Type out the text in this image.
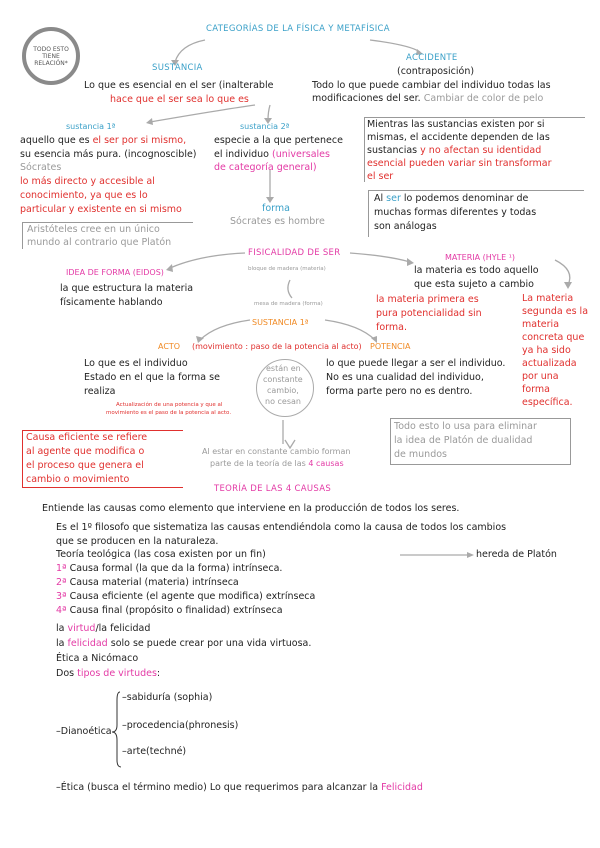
TODO ESTO TIENE RELACIÓN*
CATEGORÍAS DE LA FÍSICA Y METAFÍSICA
SUSTANCIA
Lo que es esencial en el ser (inalterable
hace que el ser sea lo que es
ACCIDENTE
(contraposición)
Todo lo que puede cambiar del individuo todas las
modificaciones del ser. Cambiar de color de pelo
sustancia 1ª
aquello que es el ser por si mismo,
su esencia más pura. (incognoscible)
Sócrates
lo más directo y accesible al
conocimiento, ya que es lo
particular y existente en si mismo
sustancia 2ª
especie a la que pertenece
el individuo (universales
de categoría general)
forma
Sócrates es hombre
Mientras las sustancias existen por si
mismas, el accidente dependen de las
sustancias y no afectan su identidad
esencial pueden variar sin transformar
el ser
Al ser lo podemos denominar de
muchas formas diferentes y todas
son análogas
Aristóteles cree en un único
mundo al contrario que Platón
FISICALIDAD DE SER
bloque de madera (materia)
mesa de madera (forma)
IDEA DE FORMA (EIDOS)
la que estructura la materia
físicamente hablando
MATERIA (HYLE ¹)
la materia es todo aquello
que esta sujeto a cambio
la materia primera es
pura potencialidad sin
forma.
La materia
segunda es la
materia
concreta que
ya ha sido
actualizada
por una
forma
específica.
SUSTANCIA 1ª
ACTO (movimiento : paso de la potencia al acto)
Lo que es el individuo
Estado en el que la forma se
realiza
Actualización de una potencia y que al
movimiento es el paso de la potencia al acto.
están en
constante
cambio,
no cesan
POTENCIA
lo que puede llegar a ser el individuo.
No es una cualidad del individuo,
forma parte pero no es dentro.
Todo esto lo usa para eliminar
la idea de Platón de dualidad
de mundos
Causa eficiente se refiere
al agente que modifica o
el proceso que genera el
cambio o movimiento
Al estar en constante cambio forman
parte de la teoría de las 4 causas
TEORÍA DE LAS 4 CAUSAS
Entiende las causas como elemento que interviene en la producción de todos los seres.
Es el 1º filosofo que sistematiza las causas entendiéndola como la causa de todos los cambios
que se producen en la naturaleza.
Teoría teológica (las cosa existen por un fin)	hereda de Platón
1ª Causa formal (la que da la forma) intrínseca.
2ª Causa material (materia) intrínseca
3ª Causa eficiente (el agente que modifica) extrínseca
4ª Causa final (propósito o finalidad) extrínseca
la virtud/la felicidad
la felicidad solo se puede crear por una vida virtuosa.
Ética a Nicómaco
Dos tipos de virtudes:
–sabiduría (sophia)
–procedencia(phronesis)
–arte(techné)
–Dianoética
–Ética (busca el término medio) Lo que requerimos para alcanzar la Felicidad
